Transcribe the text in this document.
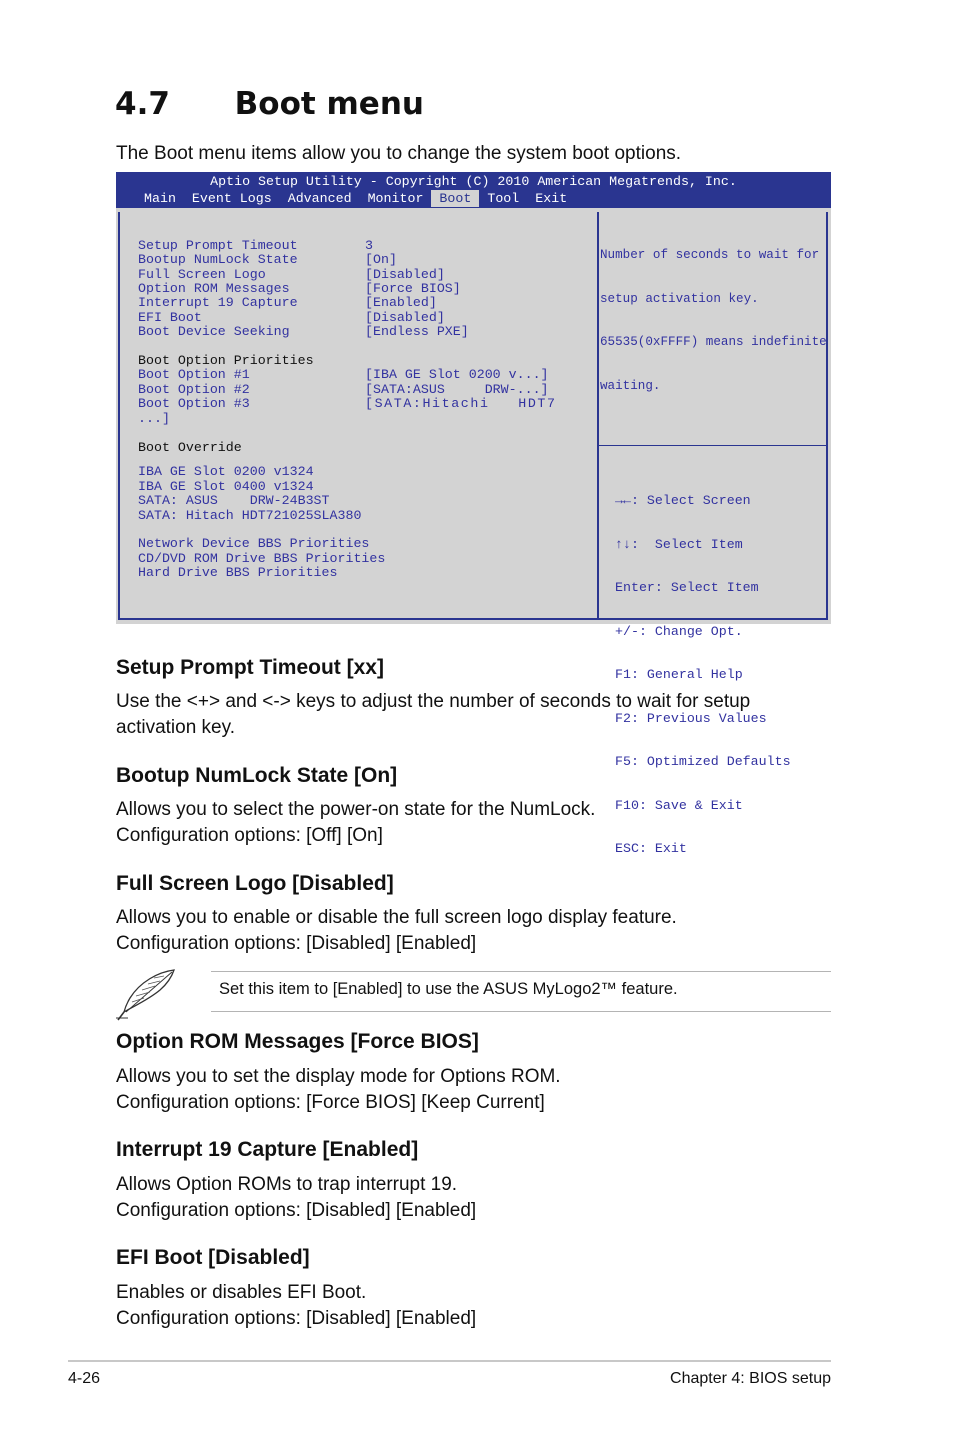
4.7      Boot menu
The Boot menu items allow you to change the system boot options.
Aptio Setup Utility - Copyright (C) 2010 American Megatrends, Inc.
Main	Event Logs	Advanced	Monitor	Boot	Tool	Exit
Setup Prompt Timeout	3
Bootup NumLock State	[On]
Full Screen Logo	[Disabled]
Option ROM Messages	[Force BIOS]
Interrupt 19 Capture	[Enabled]
EFI Boot	[Disabled]
Boot Device Seeking	[Endless PXE]
Boot Option Priorities
Boot Option #1	[IBA GE Slot 0200 v...]
Boot Option #2	[SATA:ASUS     DRW-...]
Boot Option #3	[SATA:Hitachi   HDT7
...]
Boot Override
IBA GE Slot 0200 v1324
IBA GE Slot 0400 v1324
SATA: ASUS    DRW-24B3ST
SATA: Hitach HDT721025SLA380
Network Device BBS Priorities
CD/DVD ROM Drive BBS Priorities
Hard Drive BBS Priorities

Number of seconds to wait for

setup activation key.

65535(0xFFFF) means indefinite

waiting.

→←: Select Screen

↑↓:  Select Item

Enter: Select Item

+/-: Change Opt.

F1: General Help

F2: Previous Values

F5: Optimized Defaults

F10: Save & Exit

ESC: Exit

Setup Prompt Timeout [xx]
Use the <+> and <-> keys to adjust the number of seconds to wait for setup
activation key.
Bootup NumLock State [On]
Allows you to select the power-on state for the NumLock.
Configuration options: [Off] [On]
Full Screen Logo [Disabled]
Allows you to enable or disable the full screen logo display feature.
Configuration options: [Disabled] [Enabled]
Set this item to [Enabled] to use the ASUS MyLogo2™ feature.
Option ROM Messages [Force BIOS]
Allows you to set the display mode for Options ROM.
Configuration options: [Force BIOS] [Keep Current]
Interrupt 19 Capture [Enabled]
Allows Option ROMs to trap interrupt 19.
Configuration options: [Disabled] [Enabled]
EFI Boot [Disabled]
Enables or disables EFI Boot.
Configuration options: [Disabled] [Enabled]
4-26	Chapter 4: BIOS setup
